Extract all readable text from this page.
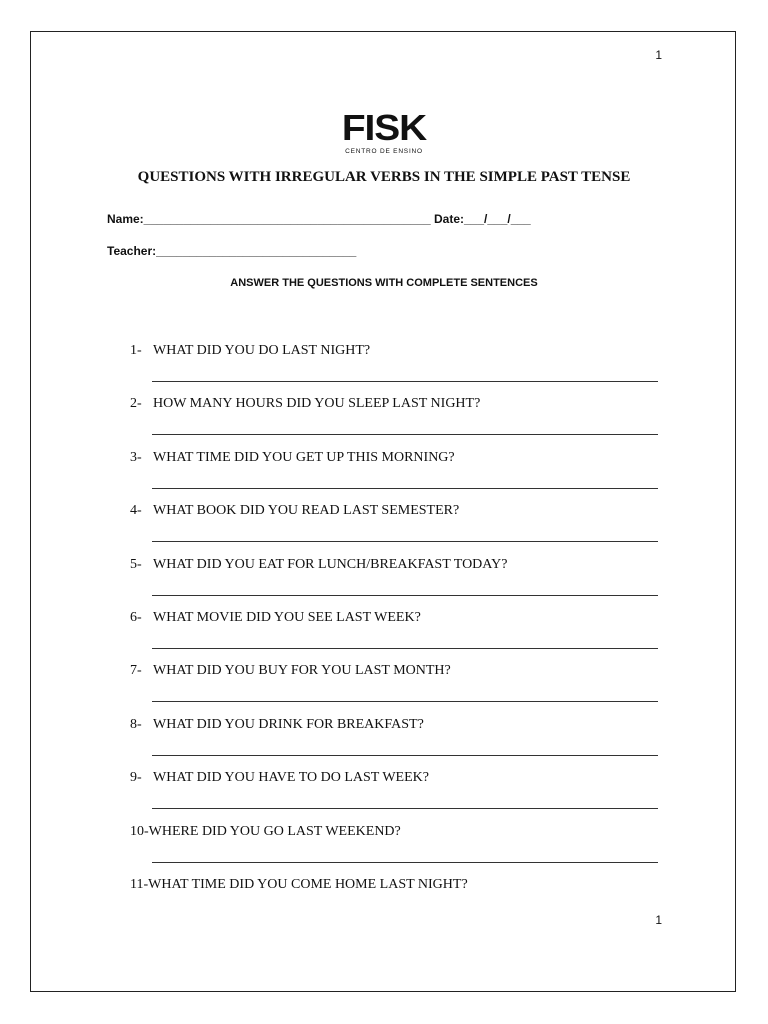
1
FISK
CENTRO DE ENSINO
QUESTIONS WITH IRREGULAR VERBS IN THE SIMPLE PAST TENSE
Name:___________________________________________ Date:___/___/___
Teacher:______________________________
ANSWER THE QUESTIONS WITH COMPLETE SENTENCES
1- WHAT DID YOU DO LAST NIGHT?
2- HOW MANY HOURS DID YOU SLEEP LAST NIGHT?
3- WHAT TIME DID YOU GET UP THIS MORNING?
4- WHAT BOOK DID YOU READ LAST SEMESTER?
5- WHAT DID YOU EAT FOR LUNCH/BREAKFAST TODAY?
6- WHAT MOVIE DID YOU SEE LAST WEEK?
7- WHAT DID YOU BUY FOR YOU LAST MONTH?
8- WHAT DID YOU DRINK FOR BREAKFAST?
9- WHAT DID YOU HAVE TO DO LAST WEEK?
10-WHERE DID YOU GO LAST WEEKEND?
11-WHAT TIME DID YOU COME HOME LAST NIGHT?
1
